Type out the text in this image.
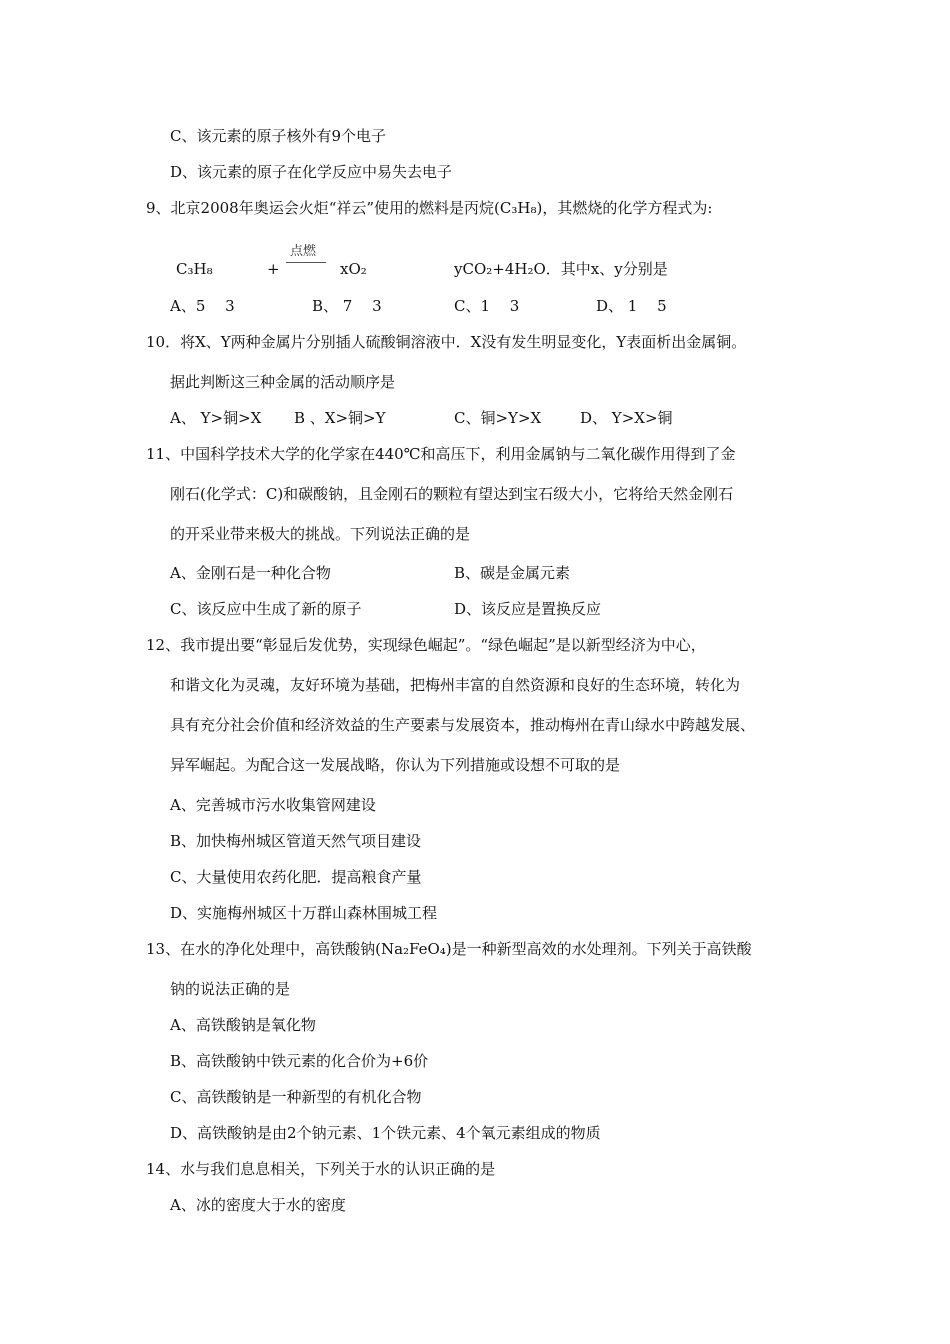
C、该元素的原子核外有9个电子
D、该元素的原子在化学反应中易失去电子
9、北京2008年奥运会火炬“祥云”使用的燃料是丙烷(C₃H₈)，其燃烧的化学方程式为:
C₃H₈	+
点燃
xO₂	yCO₂+4H₂O．其中x、y分别是
A、5　 3	B、 7　 3	C、1　 3	D、 1　 5
10．将X、Y两种金属片分别插人硫酸铜溶液中．X没有发生明显变化，Y表面析出金属铜。
据此判断这三种金属的活动顺序是
A、 Y>铜>X B 、X>铜>Y	C、铜>Y>X	D、 Y>X>铜
11、中国科学技术大学的化学家在440℃和高压下，利用金属钠与二氧化碳作用得到了金
刚石(化学式：C)和碳酸钠，且金刚石的颗粒有望达到宝石级大小，它将给天然金刚石
的开采业带来极大的挑战。下列说法正确的是
A、金刚石是一种化合物	B、碳是金属元素
C、该反应中生成了新的原子	D、该反应是置换反应
12、我市提出要“彰显后发优势，实现绿色崛起”。“绿色崛起”是以新型经济为中心，
和谐文化为灵魂，友好环境为基础，把梅州丰富的自然资源和良好的生态环境，转化为
具有充分社会价值和经济效益的生产要素与发展资本，推动梅州在青山绿水中跨越发展、
异军崛起。为配合这一发展战略，你认为下列措施或设想不可取的是
A、完善城市污水收集管网建设
B、加快梅州城区管道天然气项目建设
C、大量使用农药化肥．提高粮食产量
D、实施梅州城区十万群山森林围城工程
13、在水的净化处理中，高铁酸钠(Na₂FeO₄)是一种新型高效的水处理剂。下列关于高铁酸
钠的说法正确的是
A、高铁酸钠是氧化物
B、高铁酸钠中铁元素的化合价为+6价
C、高铁酸钠是一种新型的有机化合物
D、高铁酸钠是由2个钠元素、1个铁元素、4个氧元素组成的物质
14、水与我们息息相关，下列关于水的认识正确的是
A、冰的密度大于水的密度
